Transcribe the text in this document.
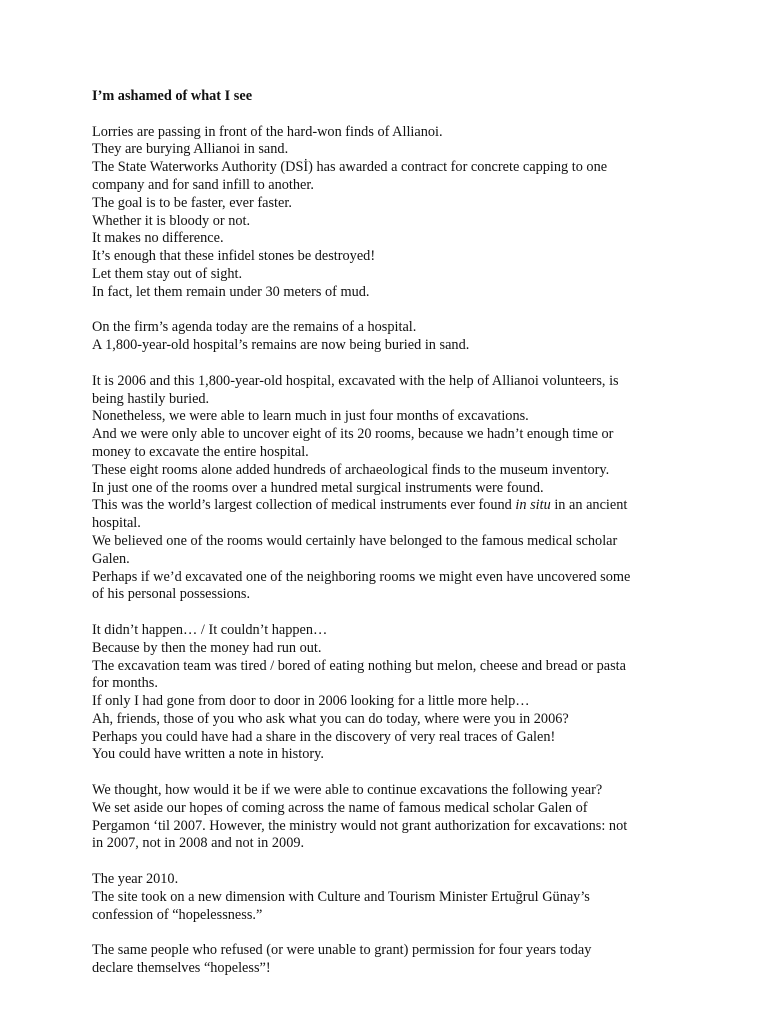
I’m ashamed of what I see
Lorries are passing in front of the hard-won finds of Allianoi.
They are burying Allianoi in sand.
The State Waterworks Authority (DSİ) has awarded a contract for concrete capping to one
company and for sand infill to another.
The goal is to be faster, ever faster.
Whether it is bloody or not.
It makes no difference.
It’s enough that these infidel stones be destroyed!
Let them stay out of sight.
In fact, let them remain under 30 meters of mud.
On the firm’s agenda today are the remains of a hospital.
A 1,800-year-old hospital’s remains are now being buried in sand.
It is 2006 and this 1,800-year-old hospital, excavated with the help of Allianoi volunteers, is
being hastily buried.
Nonetheless, we were able to learn much in just four months of excavations.
And we were only able to uncover eight of its 20 rooms, because we hadn’t enough time or
money to excavate the entire hospital.
These eight rooms alone added hundreds of archaeological finds to the museum inventory.
In just one of the rooms over a hundred metal surgical instruments were found.
This was the world’s largest collection of medical instruments ever found in situ in an ancient
hospital.
We believed one of the rooms would certainly have belonged to the famous medical scholar
Galen.
Perhaps if we’d excavated one of the neighboring rooms we might even have uncovered some
of his personal possessions.
It didn’t happen… / It couldn’t happen…
Because by then the money had run out.
The excavation team was tired / bored of eating nothing but melon, cheese and bread or pasta
for months.
If only I had gone from door to door in 2006 looking for a little more help…
Ah, friends, those of you who ask what you can do today, where were you in 2006?
Perhaps you could have had a share in the discovery of very real traces of Galen!
You could have written a note in history.
We thought, how would it be if we were able to continue excavations the following year?
We set aside our hopes of coming across the name of famous medical scholar Galen of
Pergamon ‘til 2007. However, the ministry would not grant authorization for excavations: not
in 2007, not in 2008 and not in 2009.
The year 2010.
The site took on a new dimension with Culture and Tourism Minister Ertuğrul Günay’s
confession of “hopelessness.”
The same people who refused (or were unable to grant) permission for four years today
declare themselves “hopeless”!
